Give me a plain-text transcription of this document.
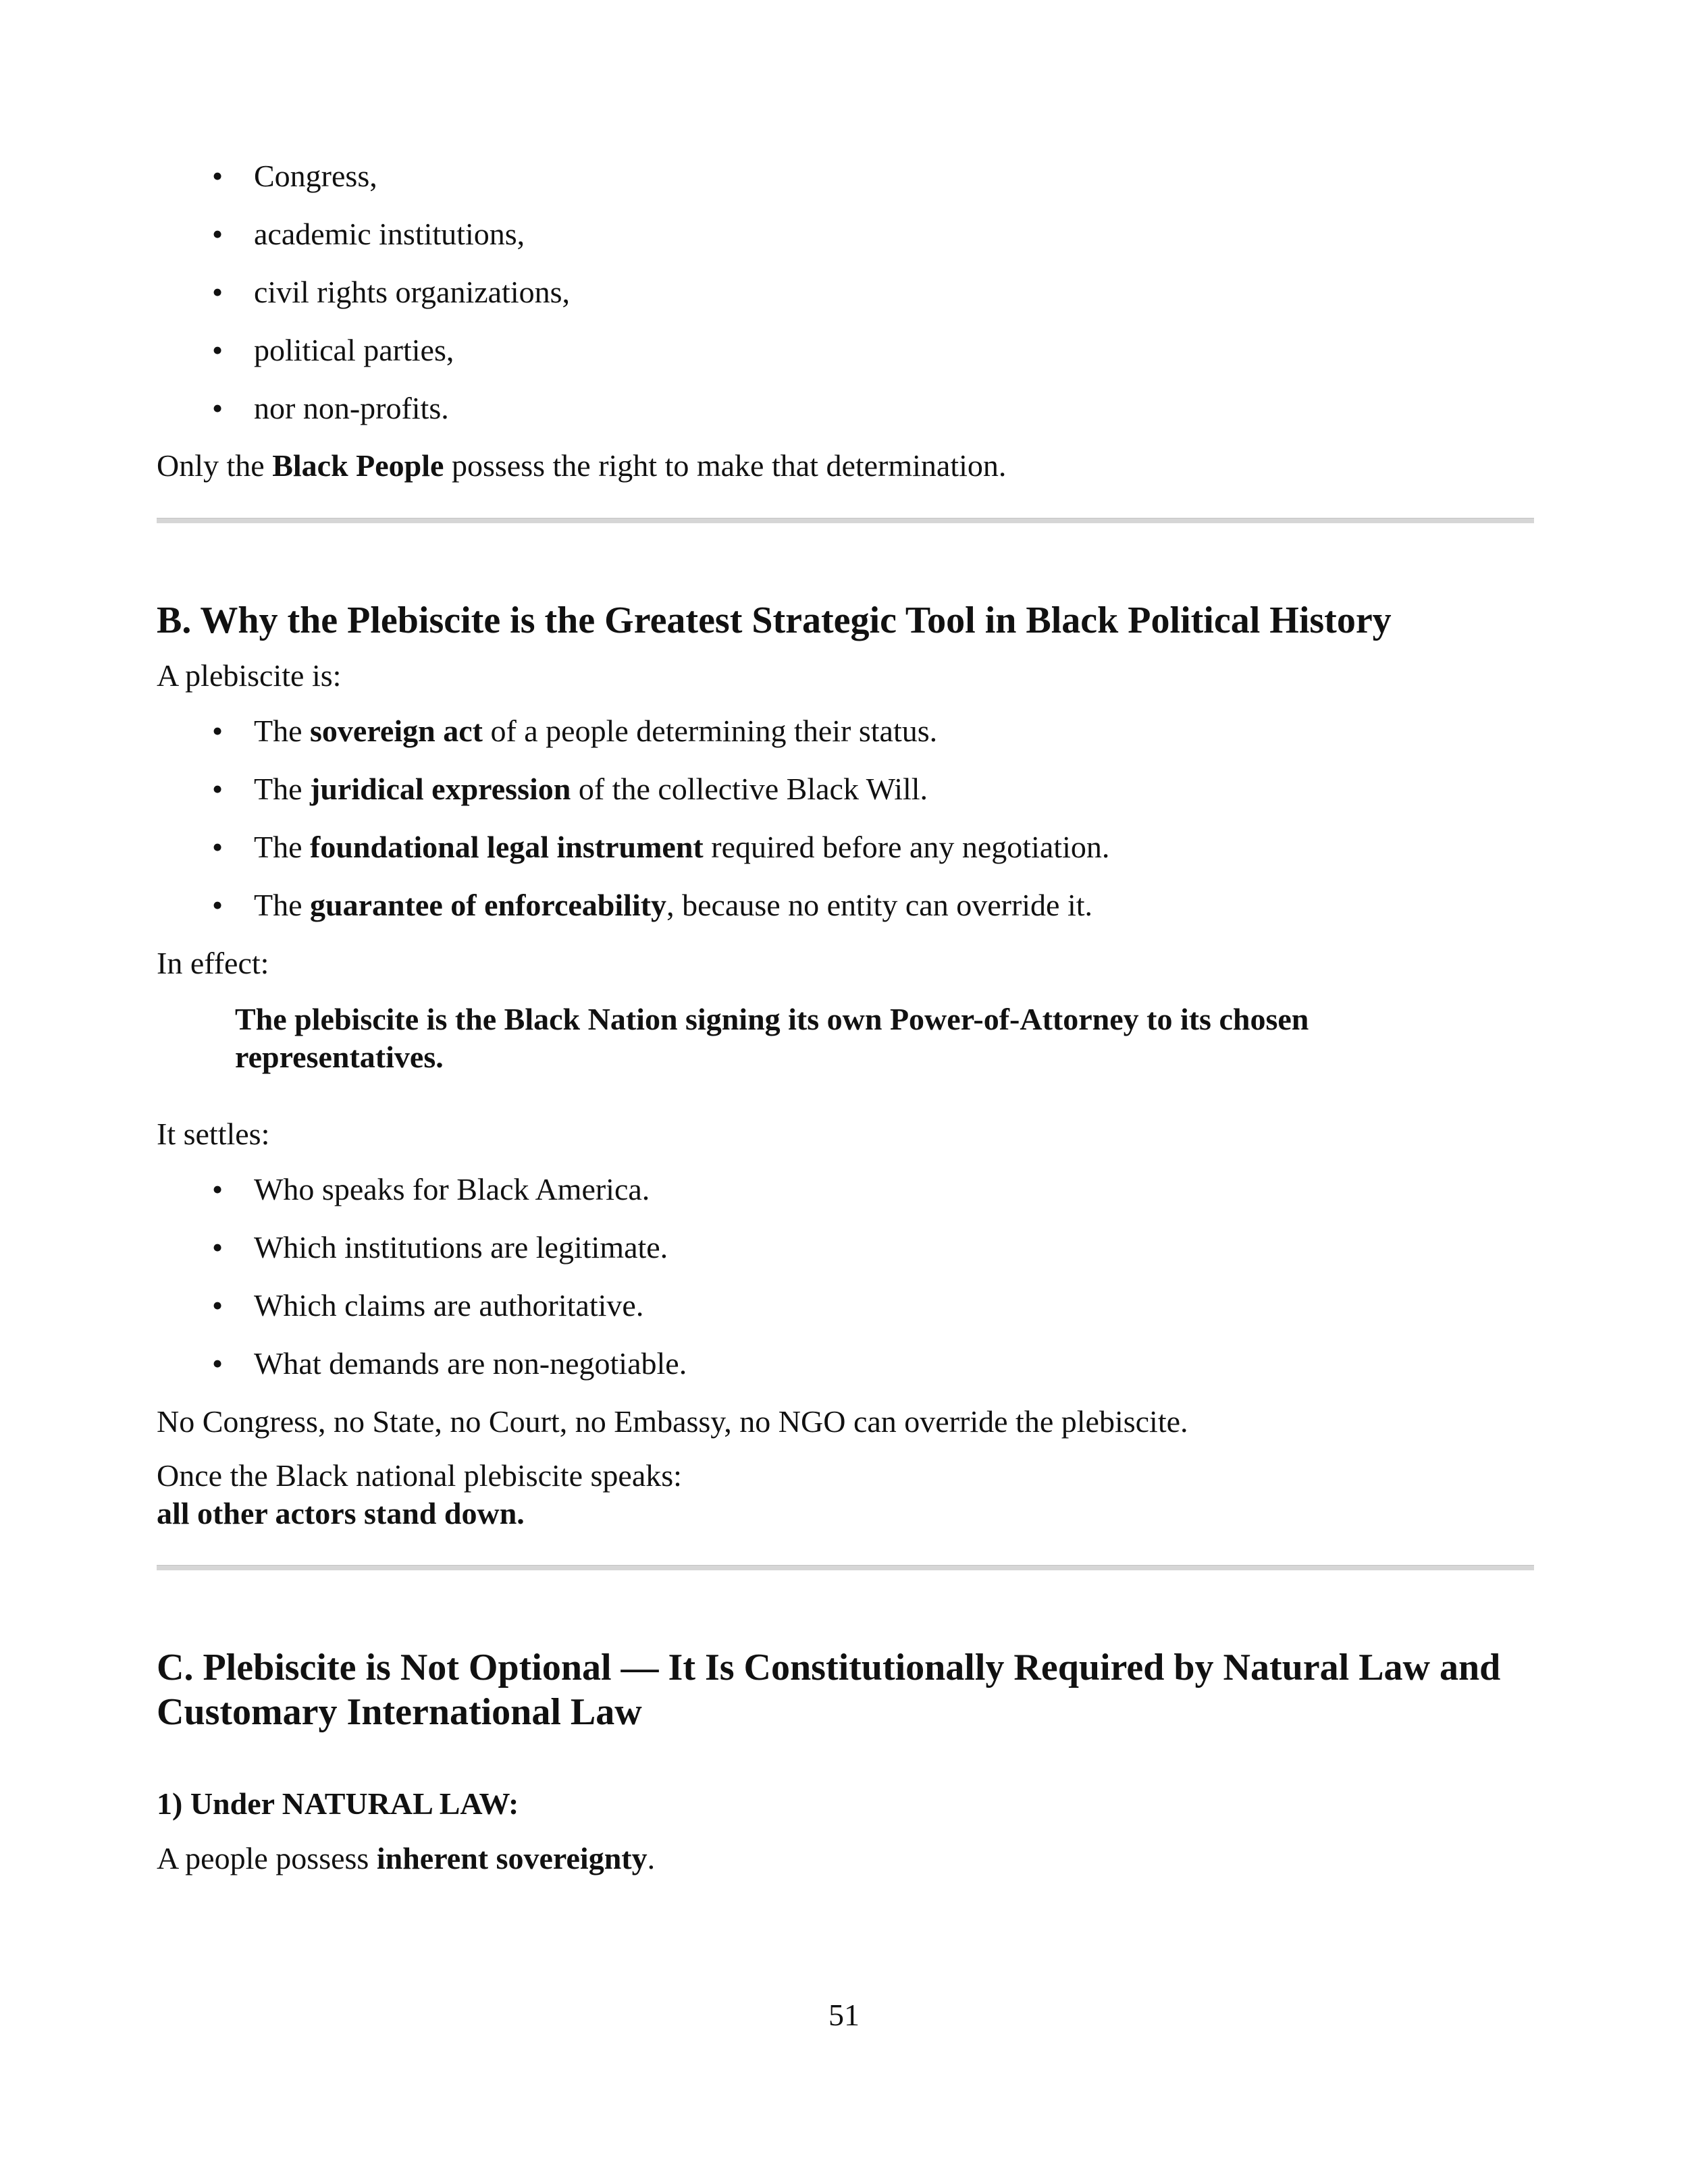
• Congress,
• academic institutions,
• civil rights organizations,
• political parties,
• nor non-profits.

Only the Black People possess the right to make that determination.

B. Why the Plebiscite is the Greatest Strategic Tool in Black Political History

A plebiscite is:

• The sovereign act of a people determining their status.
• The juridical expression of the collective Black Will.
• The foundational legal instrument required before any negotiation.
• The guarantee of enforceability, because no entity can override it.

In effect:

The plebiscite is the Black Nation signing its own Power-of-Attorney to its chosen representatives.

It settles:

• Who speaks for Black America.
• Which institutions are legitimate.
• Which claims are authoritative.
• What demands are non-negotiable.

No Congress, no State, no Court, no Embassy, no NGO can override the plebiscite.

Once the Black national plebiscite speaks:

all other actors stand down.

C. Plebiscite is Not Optional — It Is Constitutionally Required by Natural Law and Customary International Law

1) Under NATURAL LAW:

A people possess inherent sovereignty.

51
